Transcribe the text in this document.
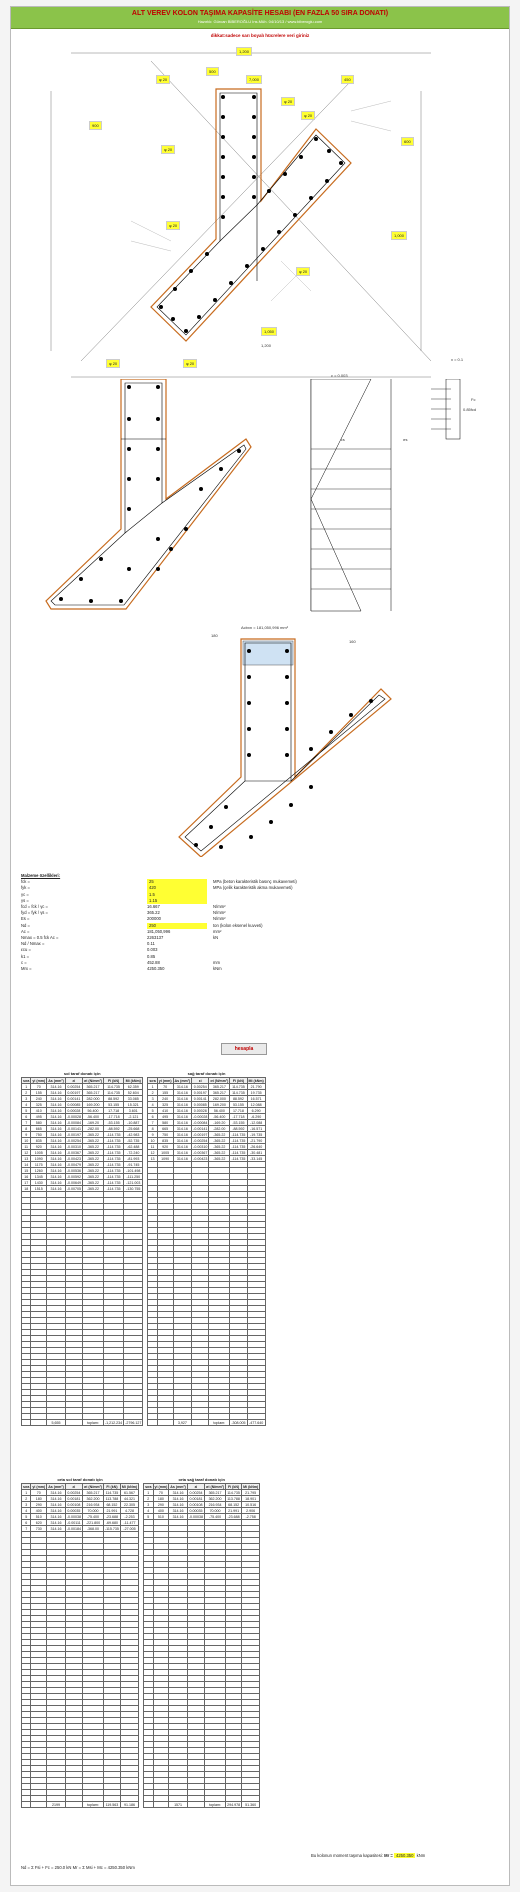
ALT VEREV KOLON TAŞIMA KAPASİTE HESABI (EN FAZLA 50 SIRA DONATI)
Hazırlık: Gürcan BİBEROĞLU Ins.Müh. 04/10/13 / www.biberoglu.com
dikkat:sadece sarı boyalı hücrelere veri giriniz
1,200
φ 20
500
7,000	450
φ 20
φ 20
900
φ 20
600
φ 20
1,000
φ 20
1,050
φ 20	φ 20
1,200
x = 0.1
c = 0.003
εs	σs
Fc
0.85fcd
Acbxn = 181,050,996 mm²
180
160
Malzeme özellikleri:
fck =	25	MPa (beton karakteristik basınç mukavemeti)
fyk =	420	MPa (çelik karakteristik akma mukavemeti)
γc =	1.5
γs =	1.15
fcd = fck / γc =	16.667	N/mm²
fyd = fyk / γs =	365.22	N/mm²
Es =	200000	N/mm²
Nd =	250	ton (kolon eksenel kuvveti)
Ac =	181,050,996	mm²
Nmax = 0.5 fck Ac =	2263137	kN
Nd / Nmax =	0.11
εcu =	0.003
k1 =	0.85
c =	452.88	mm
Mrx =	4250.350	kNm
hesapla
sol taraf donatı için
sıra	yi (mm)	As (mm²)	εi	σi (N/mm²)	Fi (kN)	Mi (kNm)
1	70	314.16	0.00254	365.217	114.735	62.359
2	155	314.16	0.00197	365.217	114.735	52.604
3	240	314.16	0.00141	282.000	88.592	33.085
4	325	314.16	0.00085	169.200	53.155	15.321
5	410	314.16	0.00028	56.400	17.718	3.601
6	495	314.16	-0.00028	-56.400	-17.718	-2.121
7	580	314.16	-0.00084	-169.20	-53.155	-10.887
8	665	314.16	-0.00141	-282.00	-88.592	-25.668
9	750	314.16	-0.00197	-365.22	-114.735	-42.983
10	835	314.16	-0.00254	-365.22	-114.735	-52.735
11	920	314.16	-0.00310	-365.22	-114.735	-62.488
12	1005	314.16	-0.00367	-365.22	-114.735	-72.240
13	1090	314.16	-0.00423	-365.22	-114.735	-81.993
14	1175	314.16	-0.00479	-365.22	-114.735	-91.745
15	1260	314.16	-0.00536	-365.22	-114.735	-101.498
16	1345	314.16	-0.00592	-365.22	-114.735	-111.250
17	1430	314.16	-0.00649	-365.22	-114.735	-121.003
18	1515	314.16	-0.00705	-365.22	-114.735	-130.755

		5,655		toplam:	-1,212.234	-2796.127
sağ taraf donatı için
sıra	yi (mm)	As (mm²)	εi	σi (N/mm²)	Fi (kN)	Mi (kNm)
1	70	314.16	0.00254	365.217	114.735	21.790
2	155	314.16	0.00197	365.217	114.735	19.735
3	240	314.16	0.00141	282.000	88.592	16.571
4	325	314.16	0.00085	169.200	53.155	12.088
5	410	314.16	0.00028	56.400	17.718	6.290
6	495	314.16	-0.00028	-56.400	-17.718	-6.290
7	580	314.16	-0.00084	-169.20	-53.155	-12.088
8	665	314.16	-0.00141	-282.00	-88.592	-16.571
9	750	314.16	-0.00197	-365.22	-114.735	-19.735
10	835	314.16	-0.00254	-365.22	-114.735	-21.790
11	920	314.16	-0.00310	-365.22	-114.735	-26.640
12	1005	314.16	-0.00367	-365.22	-114.735	-30.481
13	1090	314.16	-0.00423	-365.22	-114.735	-33.145

		3,927		toplam:	-308.005	-477.640
orta sol taraf donatı için
sıra	yi (mm)	As (mm²)	εi	σi (N/mm²)	Fi (kN)	Mi (kNm)
1	70	314.16	0.00254	365.217	114.735	61.567
2	180	314.16	0.00181	362.200	113.788	44.321
3	290	314.16	0.00108	216.934	68.152	22.305
4	400	314.16	0.00035	70.000	21.991	4.728
5	510	314.16	-0.00038	-75.400	-23.688	-2.253
6	620	314.16	-0.00111	-221.800	-69.680	-11.477
7	730	314.16	-0.00184	-368.00	-115.735	-27.005

		2199		toplam:	119.563	91.186
orta sağ taraf donatı için
sıra	yi (mm)	As (mm²)	εi	σi (N/mm²)	Fi (kN)	Mi (kNm)
1	70	314.16	0.00254	365.217	114.735	21.795
2	180	314.16	0.00181	362.200	113.788	18.901
3	290	314.16	0.00108	216.934	68.152	10.516
4	400	314.16	0.00035	70.000	21.991	2.906
5	510	314.16	-0.00038	-75.400	-23.688	-2.758

		1571		toplam:	294.978	51.360
Nd = Σ Fsi + Fc = 250.0 kN Mr = Σ Msi + Mc = 4250.350 kNm
Bu kolonun moment taşıma kapasitesi: Mr = 4250.350 kNm
